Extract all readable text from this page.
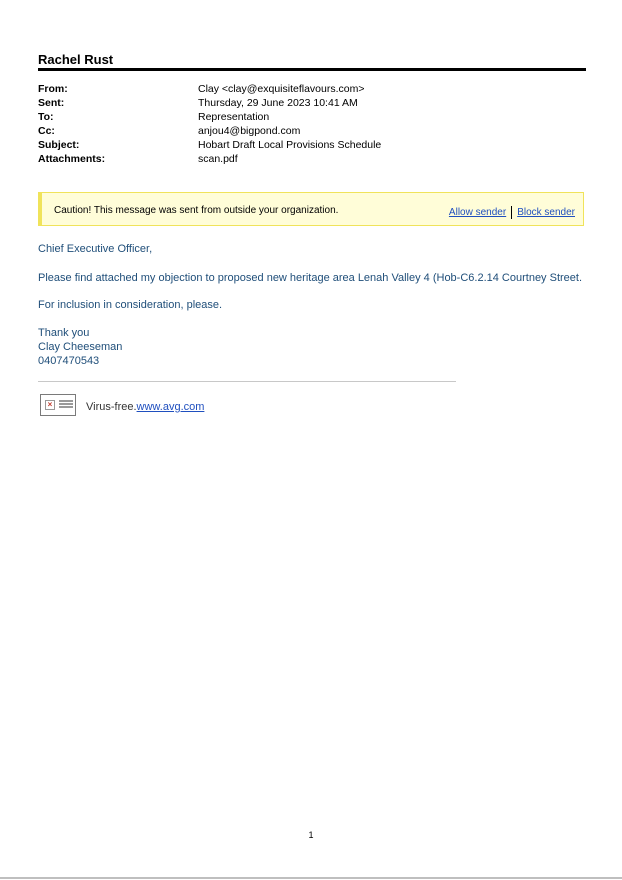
Rachel Rust
From:	Clay <clay@exquisiteflavours.com>
Sent:	Thursday, 29 June 2023 10:41 AM
To:	Representation
Cc:	anjou4@bigpond.com
Subject:	Hobart Draft Local Provisions Schedule
Attachments:	scan.pdf
Caution! This message was sent from outside your organization.	Allow sender Block sender
Chief Executive Officer,
Please find attached my objection to proposed new heritage area Lenah Valley 4 (Hob-C6.2.14 Courtney Street.
For inclusion in consideration, please.
Thank you
Clay Cheeseman
0407470543
×	Virus-free.www.avg.com
1
